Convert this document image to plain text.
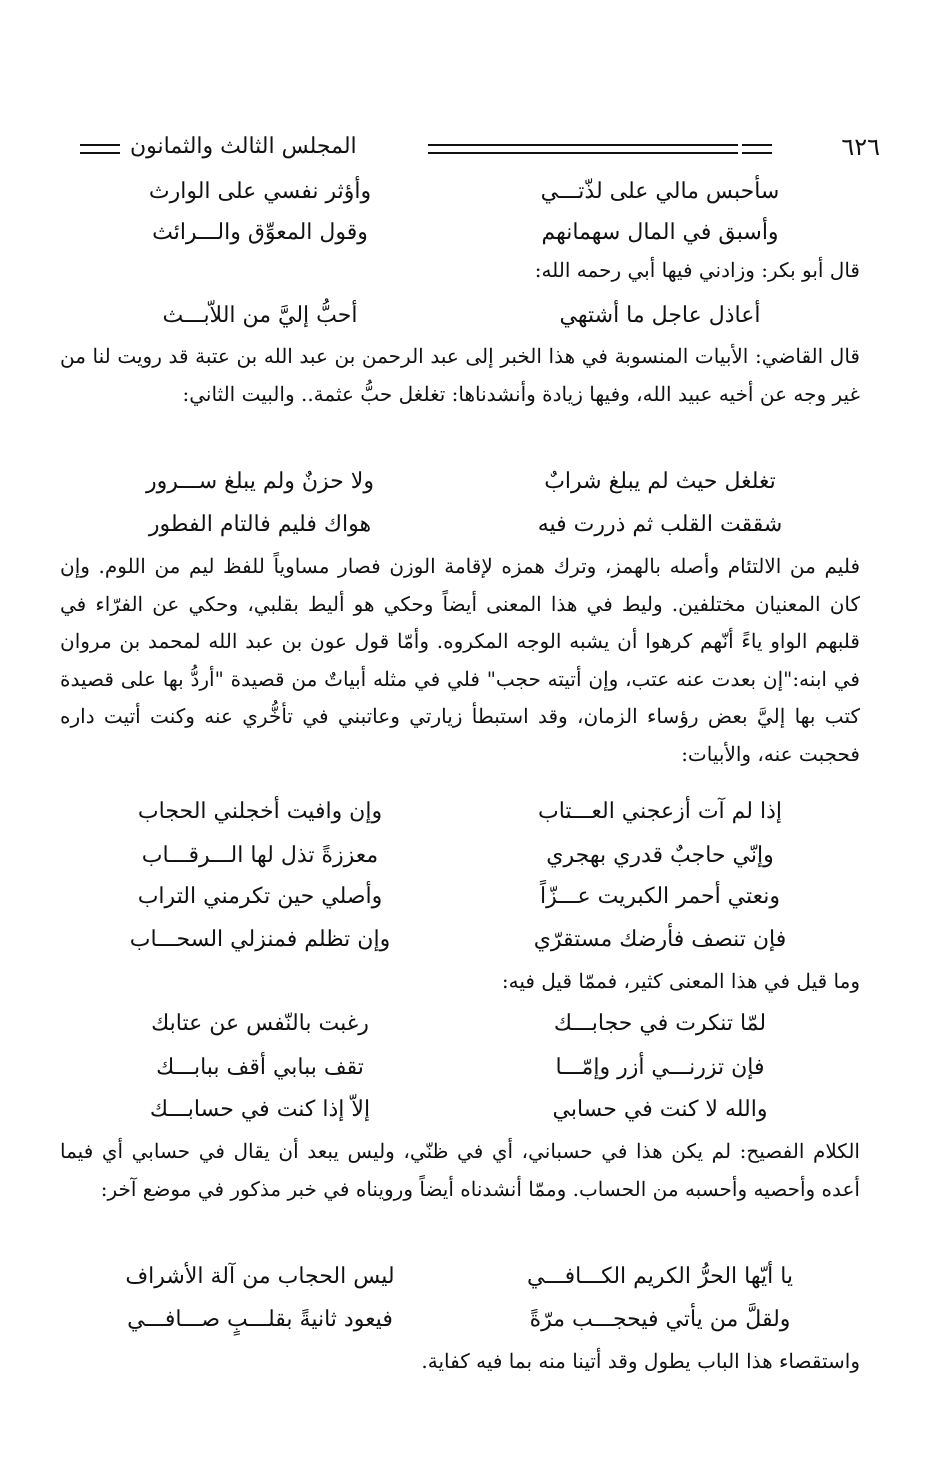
٦٢٦
المجلس الثالث والثمانون
سأحبس مالي على لذّتـــي
وأؤثر نفسي على الوارث
وأسبق في المال سهمانهم
وقول المعوِّق والـــرائث

قال أبو بكر: وزادني فيها أبي رحمه الله:

أعاذل عاجل ما أشتهي
أحبُّ إليَّ من اللاّبـــث

قال القاضي: الأبيات المنسوبة في هذا الخبر إلى عبد الرحمن بن عبد الله بن عتبة قد رويت لنا من غير وجه عن أخيه عبيد الله، وفيها زيادة وأنشدناها: تغلغل حبُّ عثمة.. والبيت الثاني:

تغلغل حيث لم يبلغ شرابٌ
ولا حزنٌ ولم يبلغ ســـرور
شققت القلب ثم ذررت فيه
هواك فليم فالتام الفطور

فليم من الالتئام وأصله بالهمز، وترك همزه لإقامة الوزن فصار مساوياً للفظ ليم من اللوم. وإن كان المعنيان مختلفين. وليط في هذا المعنى أيضاً وحكي هو أليط بقلبي، وحكي عن الفرّاء في قلبهم الواو ياءً أنّهم كرهوا أن يشبه الوجه المكروه. وأمّا قول عون بن عبد الله لمحمد بن مروان في ابنه:"إن بعدت عنه عتب، وإن أتيته حجب" فلي في مثله أبياتٌ من قصيدة "أردُّ بها على قصيدة كتب بها إليَّ بعض رؤساء الزمان، وقد استبطأ زيارتي وعاتبني في تأخُّري عنه وكنت أتيت داره فحجبت عنه، والأبيات:

إذا لم آت أزعجني العـــتاب
وإن وافيت أخجلني الحجاب
وإنّي حاجبٌ قدري بهجري
معززةً تذل لها الـــرقـــاب
ونعتي أحمر الكبريت عـــزّاً
وأصلي حين تكرمني التراب
فإن تنصف فأرضك مستقرّي
وإن تظلم فمنزلي السحـــاب

وما قيل في هذا المعنى كثير، فممّا قيل فيه:

لمّا تنكرت في حجابـــك
رغبت بالنّفس عن عتابك
فإن تزرنـــي أزر وإمّـــا
تقف ببابي أقف ببابـــك
والله لا كنت في حسابي
إلاّ إذا كنت في حسابـــك

الكلام الفصيح: لم يكن هذا في حسباني، أي في ظنّي، وليس يبعد أن يقال في حسابي أي فيما أعده وأحصيه وأحسبه من الحساب. وممّا أنشدناه أيضاً ورويناه في خبر مذكور في موضع آخر:

يا أيّها الحرُّ الكريم الكـــافـــي
ليس الحجاب من آلة الأشراف
ولقلَّ من يأتي فيحجـــب مرّةً
فيعود ثانيةً بقلـــبٍ صـــافـــي

واستقصاء هذا الباب يطول وقد أتينا منه بما فيه كفاية.
